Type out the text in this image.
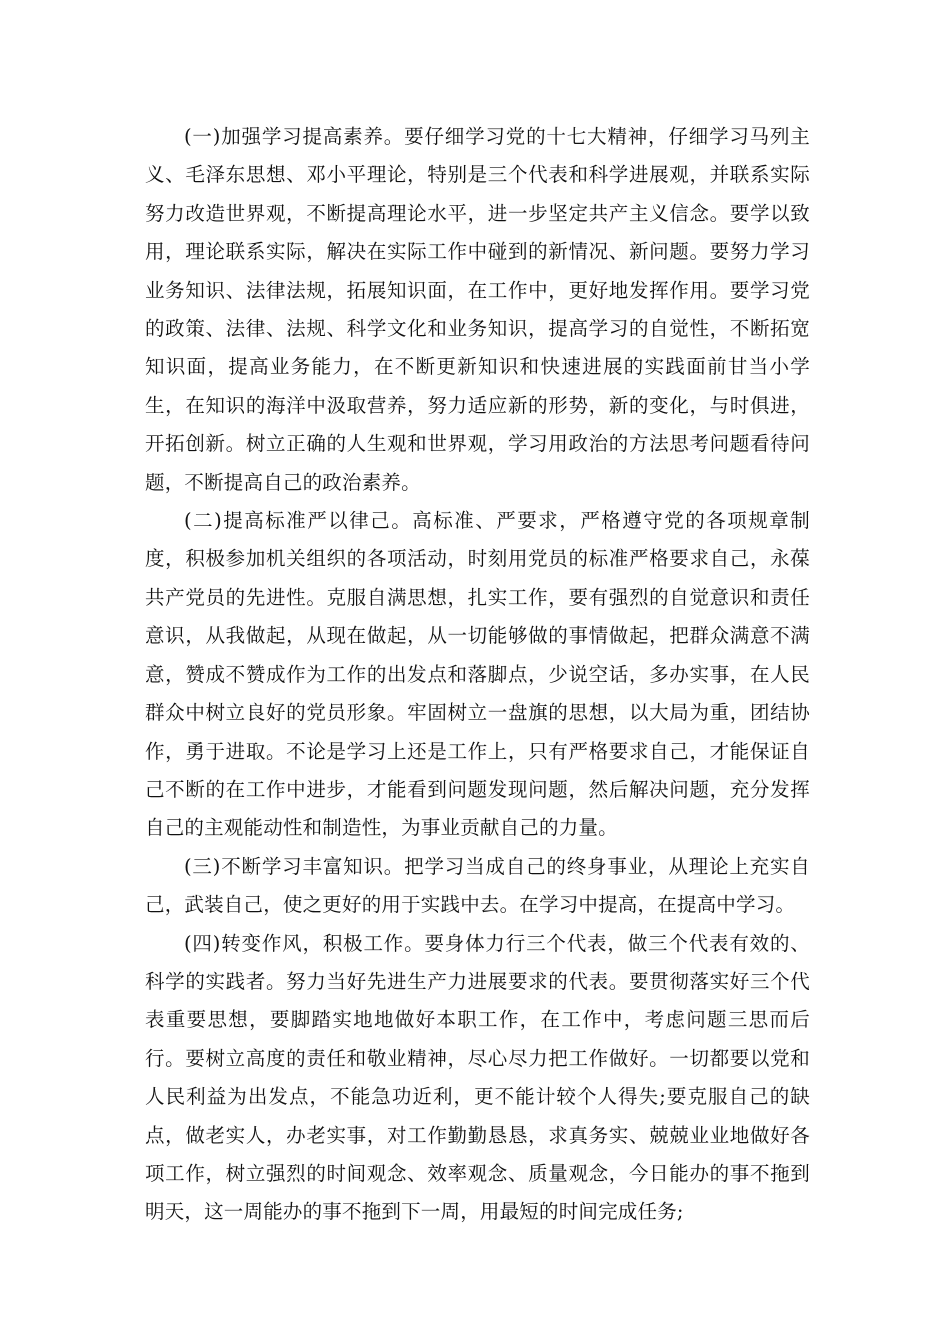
(一)加强学习提高素养。要仔细学习党的十七大精神，仔细学习马列主义、毛泽东思想、邓小平理论，特别是三个代表和科学进展观，并联系实际努力改造世界观，不断提高理论水平，进一步坚定共产主义信念。要学以致用，理论联系实际，解决在实际工作中碰到的新情况、新问题。要努力学习业务知识、法律法规，拓展知识面，在工作中，更好地发挥作用。要学习党的政策、法律、法规、科学文化和业务知识，提高学习的自觉性，不断拓宽知识面，提高业务能力，在不断更新知识和快速进展的实践面前甘当小学生，在知识的海洋中汲取营养，努力适应新的形势，新的变化，与时俱进，开拓创新。树立正确的人生观和世界观，学习用政治的方法思考问题看待问题，不断提高自己的政治素养。

(二)提高标准严以律己。高标准、严要求，严格遵守党的各项规章制度，积极参加机关组织的各项活动，时刻用党员的标准严格要求自己，永葆共产党员的先进性。克服自满思想，扎实工作，要有强烈的自觉意识和责任意识，从我做起，从现在做起，从一切能够做的事情做起，把群众满意不满意，赞成不赞成作为工作的出发点和落脚点，少说空话，多办实事，在人民群众中树立良好的党员形象。牢固树立一盘旗的思想，以大局为重，团结协作，勇于进取。不论是学习上还是工作上，只有严格要求自己，才能保证自己不断的在工作中进步，才能看到问题发现问题，然后解决问题，充分发挥自己的主观能动性和制造性，为事业贡献自己的力量。

(三)不断学习丰富知识。把学习当成自己的终身事业，从理论上充实自己，武装自己，使之更好的用于实践中去。在学习中提高，在提高中学习。

(四)转变作风，积极工作。要身体力行三个代表，做三个代表有效的、科学的实践者。努力当好先进生产力进展要求的代表。要贯彻落实好三个代表重要思想，要脚踏实地地做好本职工作，在工作中，考虑问题三思而后行。要树立高度的责任和敬业精神，尽心尽力把工作做好。一切都要以党和人民利益为出发点，不能急功近利，更不能计较个人得失;要克服自己的缺点，做老实人，办老实事，对工作勤勤恳恳，求真务实、兢兢业业地做好各项工作，树立强烈的时间观念、效率观念、质量观念，今日能办的事不拖到明天，这一周能办的事不拖到下一周，用最短的时间完成任务;
